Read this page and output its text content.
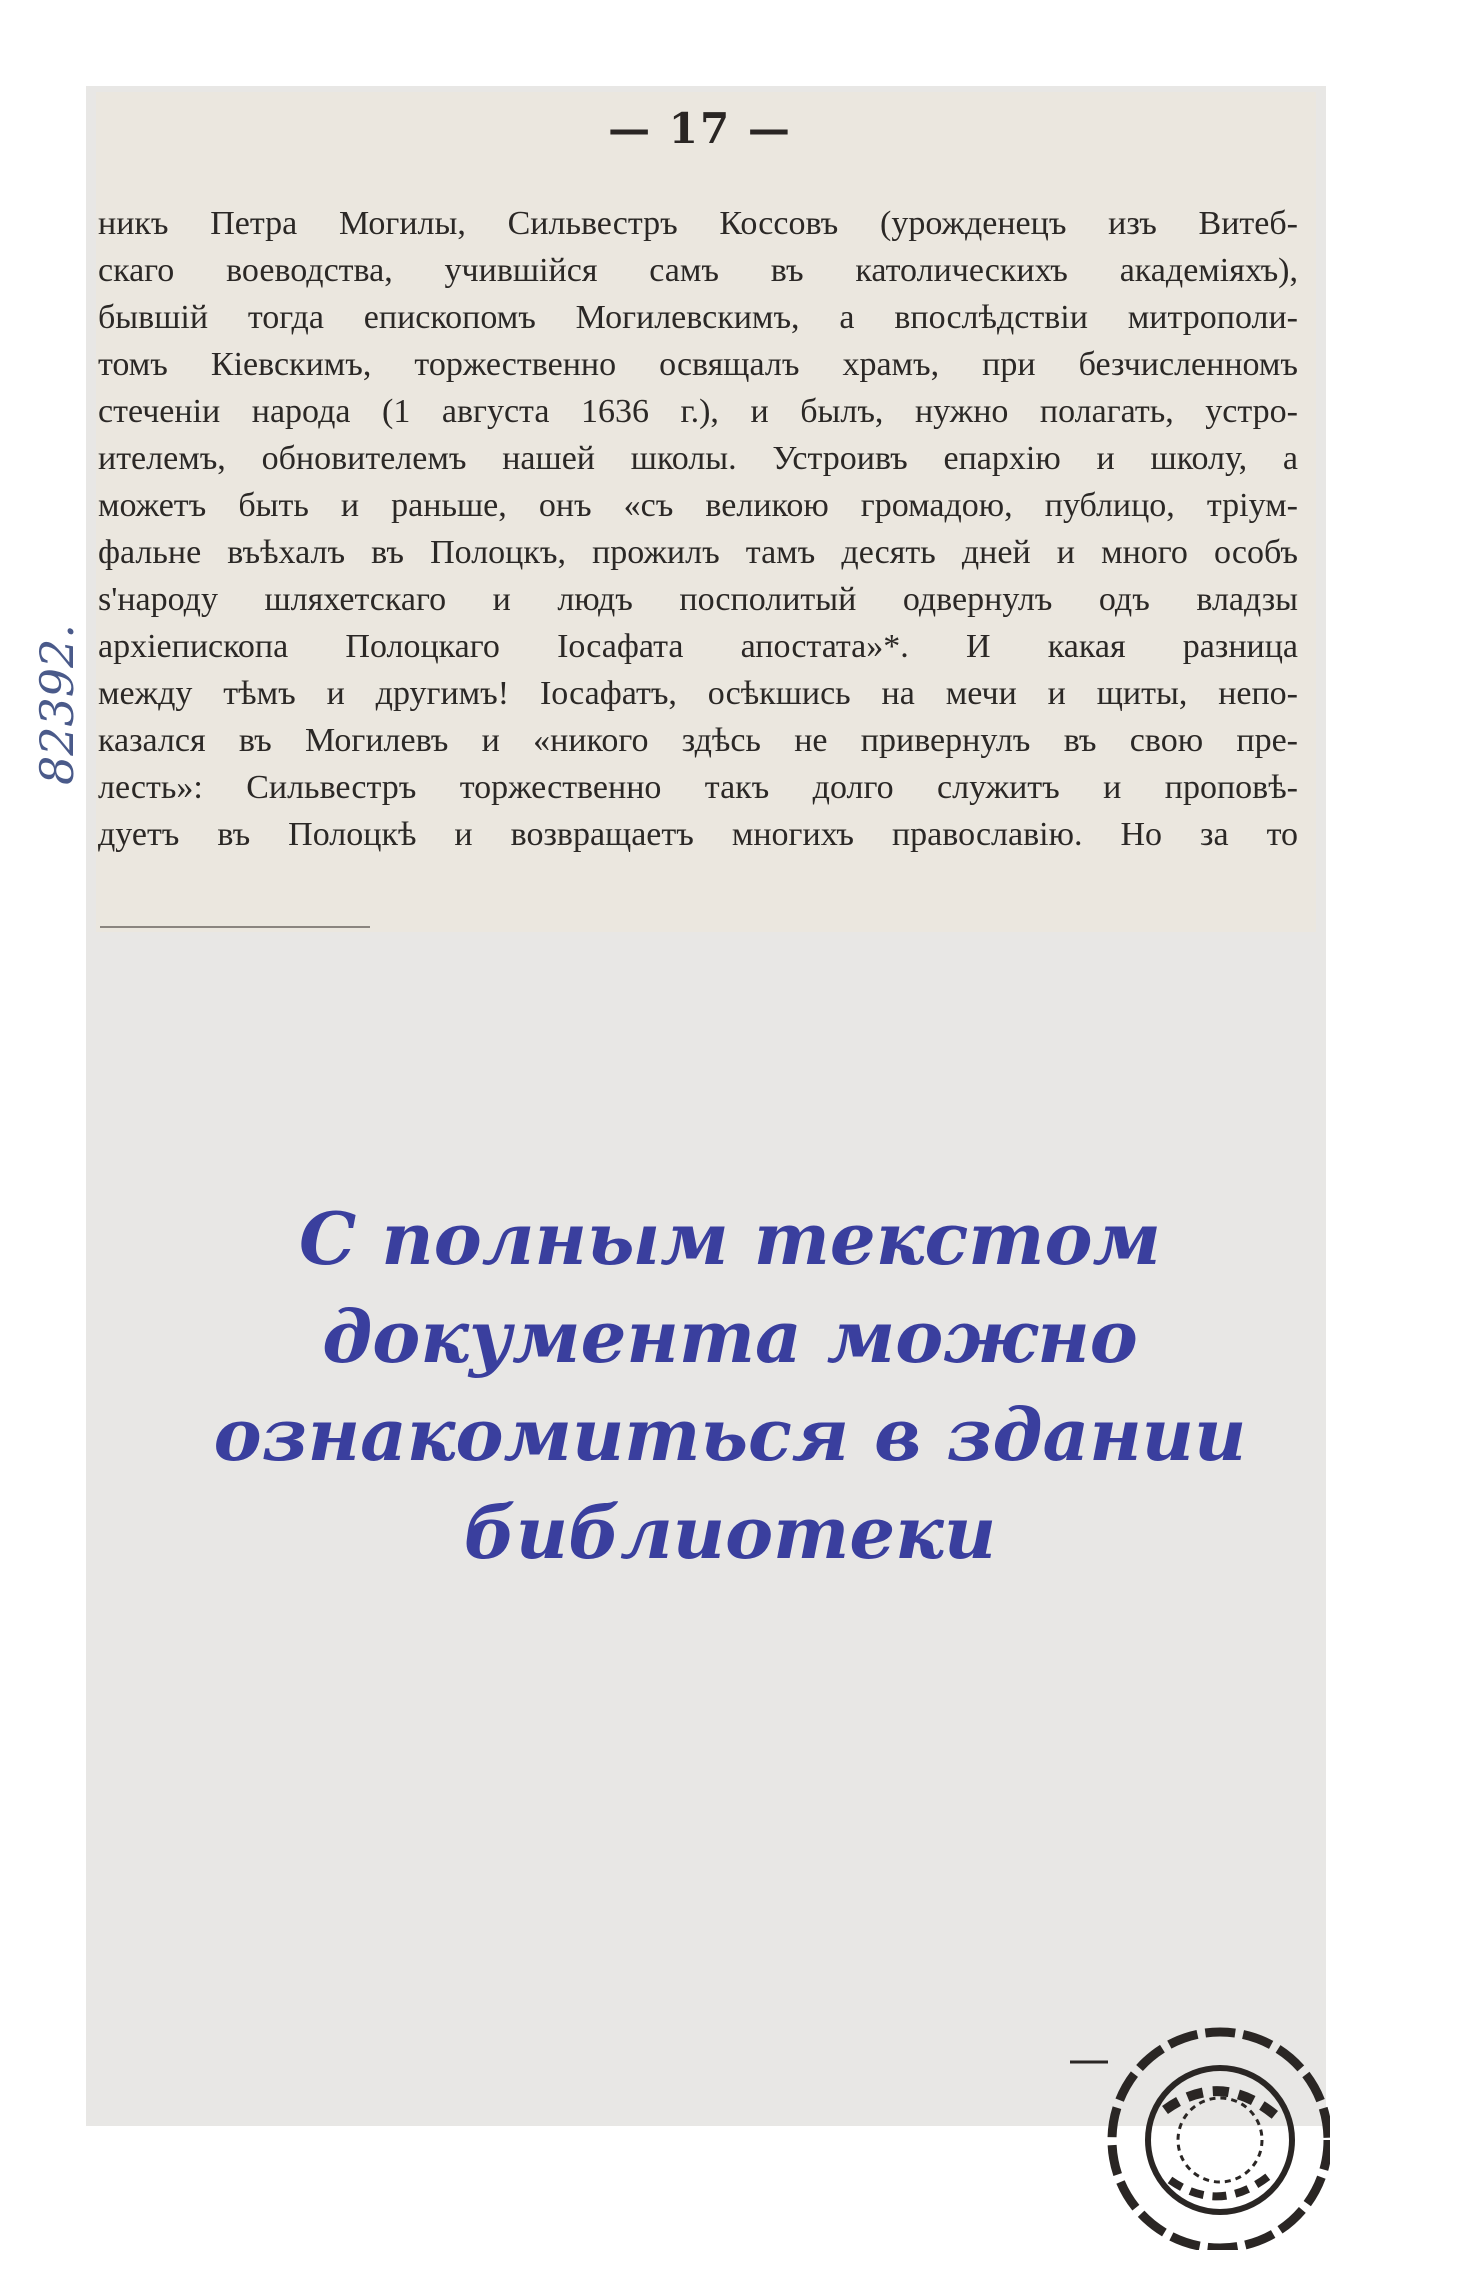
— 17 —
никъ Петра Могилы, Сильвестръ Коссовъ (урожденецъ изъ Витеб-
скаго воеводства, учившійся самъ въ католическихъ академіяхъ),
бывшій тогда епископомъ Могилевскимъ, а впослѣдствіи митрополи-
томъ Кіевскимъ, торжественно освящалъ храмъ, при безчисленномъ
стеченіи народа (1 августа 1636 г.), и былъ, нужно полагать, устро-
ителемъ, обновителемъ нашей школы. Устроивъ епархію и школу, а
можетъ быть и раньше, онъ «съ великою громадою, публицо, тріум-
фальне въѣхалъ въ Полоцкъ, прожилъ тамъ десять дней и много особъ
s'народу шляхетскаго и людъ посполитый одвернулъ одъ владзы
архіепископа Полоцкаго Іосафата апостата»*. И какая разница
между тѣмъ и другимъ! Іосафатъ, осѣкшись на мечи и щиты, непо-
казался въ Могилевъ и «никого здѣсь не привернулъ въ свою пре-
лесть»: Сильвестръ торжественно такъ долго служитъ и проповѣ-
дуетъ въ Полоцкѣ и возвращаетъ многихъ православію. Но за то
82392.
С полным текстом
документа можно
ознакомиться в здании
библиотеки
